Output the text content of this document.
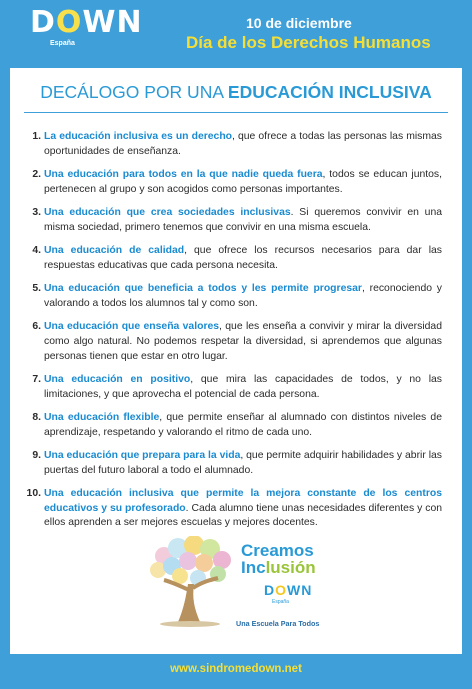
DOWN
España
10 de diciembre
Día de los Derechos Humanos
DECÁLOGO POR UNA EDUCACIÓN INCLUSIVA
1. La educación inclusiva es un derecho, que ofrece a todas las personas las mismas oportunidades de enseñanza.
2. Una educación para todos en la que nadie queda fuera, todos se educan juntos, pertenecen al grupo y son acogidos como personas importantes.
3. Una educación que crea sociedades inclusivas. Si queremos convivir en una misma sociedad, primero tenemos que convivir en una misma escuela.
4. Una educación de calidad, que ofrece los recursos necesarios para dar las respuestas educativas que cada persona necesita.
5. Una educación que beneficia a todos y les permite progresar, reconociendo y valorando a todos los alumnos tal y como son.
6. Una educación que enseña valores, que les enseña a convivir y mirar la diversidad como algo natural. No podemos respetar la diversidad, si aprendemos que algunas personas tienen que estar en otro lugar.
7. Una educación en positivo, que mira las capacidades de todos, y no las limitaciones, y que aprovecha el potencial de cada persona.
8. Una educación flexible, que permite enseñar al alumnado con distintos niveles de aprendizaje, respetando y valorando el ritmo de cada uno.
9. Una educación que prepara para la vida, que permite adquirir habilidades y abrir las puertas del futuro laboral a todo el alumnado.
10. Una educación inclusiva que permite la mejora constante de los centros educativos y su profesorado. Cada alumno tiene unas necesidades diferentes y con ellos aprenden a ser mejores escuelas y mejores docentes.
Creamos
Inclusión
DOWN
España
Una Escuela Para Todos
www.sindromedown.net
